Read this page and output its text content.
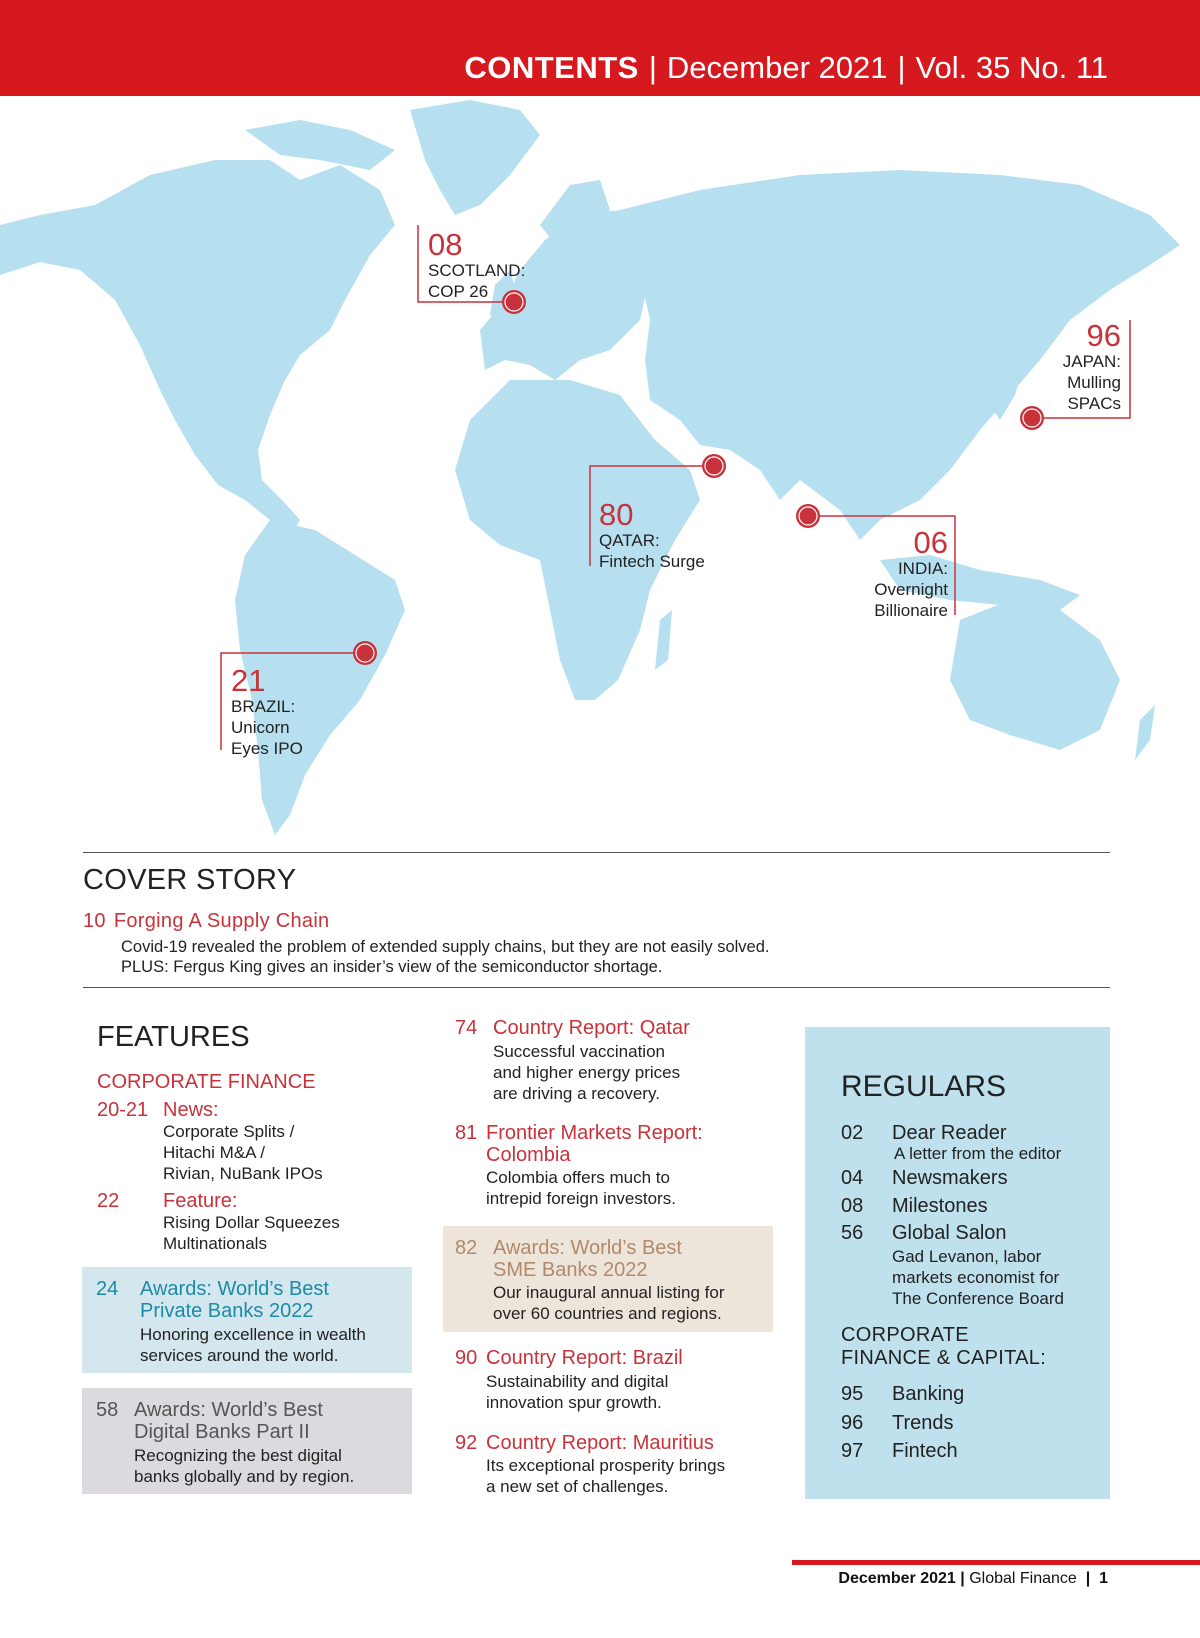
CONTENTS | December 2021 | Vol. 35 No. 11
08
SCOTLAND:
COP 26
96
JAPAN:
Mulling
SPACs
80
QATAR:
Fintech Surge
06
INDIA:
Overnight
Billionaire
21
BRAZIL:
Unicorn
Eyes IPO
COVER STORY
10 Forging A Supply Chain
Covid-19 revealed the problem of extended supply chains, but they are not easily solved.
PLUS: Fergus King gives an insider’s view of the semiconductor shortage.
FEATURES
CORPORATE FINANCE
20-21 News:
Corporate Splits /
Hitachi M&A /
Rivian, NuBank IPOs
22 Feature:
Rising Dollar Squeezes
Multinationals
24 Awards: World’s Best
Private Banks 2022
Honoring excellence in wealth
services around the world.
58 Awards: World’s Best
Digital Banks Part II
Recognizing the best digital
banks globally and by region.
74 Country Report: Qatar
Successful vaccination
and higher energy prices
are driving a recovery.
81 Frontier Markets Report:
Colombia
Colombia offers much to
intrepid foreign investors.
82 Awards: World’s Best
SME Banks 2022
Our inaugural annual listing for
over 60 countries and regions.
90 Country Report: Brazil
Sustainability and digital
innovation spur growth.
92 Country Report: Mauritius
Its exceptional prosperity brings
a new set of challenges.
REGULARS
02 Dear Reader
A letter from the editor
04 Newsmakers
08 Milestones
56 Global Salon
Gad Levanon, labor
markets economist for
The Conference Board
CORPORATE
FINANCE & CAPITAL:
95 Banking
96 Trends
97 Fintech
December 2021 | Global Finance  |  1
